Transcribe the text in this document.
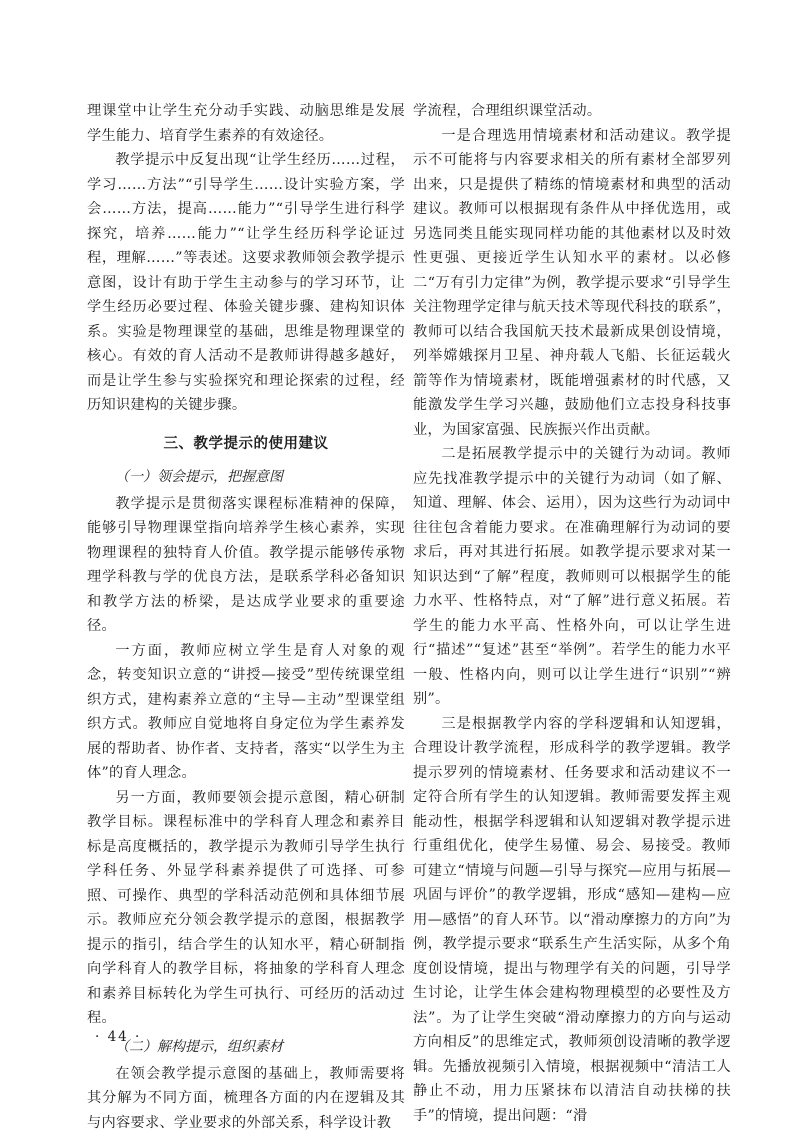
理课堂中让学生充分动手实践、动脑思维是发展学生能力、培育学生素养的有效途径。

教学提示中反复出现“让学生经历……过程，学习……方法”“引导学生……设计实验方案，学会……方法，提高……能力”“引导学生进行科学探究，培养……能力”“让学生经历科学论证过程，理解……”等表述。这要求教师领会教学提示意图，设计有助于学生主动参与的学习环节，让学生经历必要过程、体验关键步骤、建构知识体系。实验是物理课堂的基础，思维是物理课堂的核心。有效的育人活动不是教师讲得越多越好，而是让学生参与实验探究和理论探索的过程，经历知识建构的关键步骤。

三、教学提示的使用建议
（一）领会提示，把握意图

教学提示是贯彻落实课程标准精神的保障，能够引导物理课堂指向培养学生核心素养，实现物理课程的独特育人价值。教学提示能够传承物理学科教与学的优良方法，是联系学科必备知识和教学方法的桥梁，是达成学业要求的重要途径。

一方面，教师应树立学生是育人对象的观念，转变知识立意的“讲授—接受”型传统课堂组织方式，建构素养立意的“主导—主动”型课堂组织方式。教师应自觉地将自身定位为学生素养发展的帮助者、协作者、支持者，落实“以学生为主体”的育人理念。

另一方面，教师要领会提示意图，精心研制教学目标。课程标准中的学科育人理念和素养目标是高度概括的，教学提示为教师引导学生执行学科任务、外显学科素养提供了可选择、可参照、可操作、典型的学科活动范例和具体细节展示。教师应充分领会教学提示的意图，根据教学提示的指引，结合学生的认知水平，精心研制指向学科育人的教学目标，将抽象的学科育人理念和素养目标转化为学生可执行、可经历的活动过程。

（二）解构提示，组织素材

在领会教学提示意图的基础上，教师需要将其分解为不同方面，梳理各方面的内在逻辑及其与内容要求、学业要求的外部关系，科学设计教

学流程，合理组织课堂活动。

一是合理选用情境素材和活动建议。教学提示不可能将与内容要求相关的所有素材全部罗列出来，只是提供了精练的情境素材和典型的活动建议。教师可以根据现有条件从中择优选用，或另选同类且能实现同样功能的其他素材以及时效性更强、更接近学生认知水平的素材。以必修二“万有引力定律”为例，教学提示要求“引导学生关注物理学定律与航天技术等现代科技的联系”，教师可以结合我国航天技术最新成果创设情境，列举嫦娥探月卫星、神舟载人飞船、长征运载火箭等作为情境素材，既能增强素材的时代感，又能激发学生学习兴趣，鼓励他们立志投身科技事业，为国家富强、民族振兴作出贡献。

二是拓展教学提示中的关键行为动词。教师应先找准教学提示中的关键行为动词（如了解、知道、理解、体会、运用），因为这些行为动词中往往包含着能力要求。在准确理解行为动词的要求后，再对其进行拓展。如教学提示要求对某一知识达到“了解”程度，教师则可以根据学生的能力水平、性格特点，对“了解”进行意义拓展。若学生的能力水平高、性格外向，可以让学生进行“描述”“复述”甚至“举例”。若学生的能力水平一般、性格内向，则可以让学生进行“识别”“辨别”。

三是根据教学内容的学科逻辑和认知逻辑，合理设计教学流程，形成科学的教学逻辑。教学提示罗列的情境素材、任务要求和活动建议不一定符合所有学生的认知逻辑。教师需要发挥主观能动性，根据学科逻辑和认知逻辑对教学提示进行重组优化，使学生易懂、易会、易接受。教师可建立“情境与问题—引导与探究—应用与拓展—巩固与评价”的教学逻辑，形成“感知—建构—应用—感悟”的育人环节。以“滑动摩擦力的方向”为例，教学提示要求“联系生产生活实际，从多个角度创设情境，提出与物理学有关的问题，引导学生讨论，让学生体会建构物理模型的必要性及方法”。为了让学生突破“滑动摩擦力的方向与运动方向相反”的思维定式，教师须创设清晰的教学逻辑。先播放视频引入情境，根据视频中“清洁工人静止不动，用力压紧抹布以清洁自动扶梯的扶手”的情境，提出问题：“滑

· 44 ·
